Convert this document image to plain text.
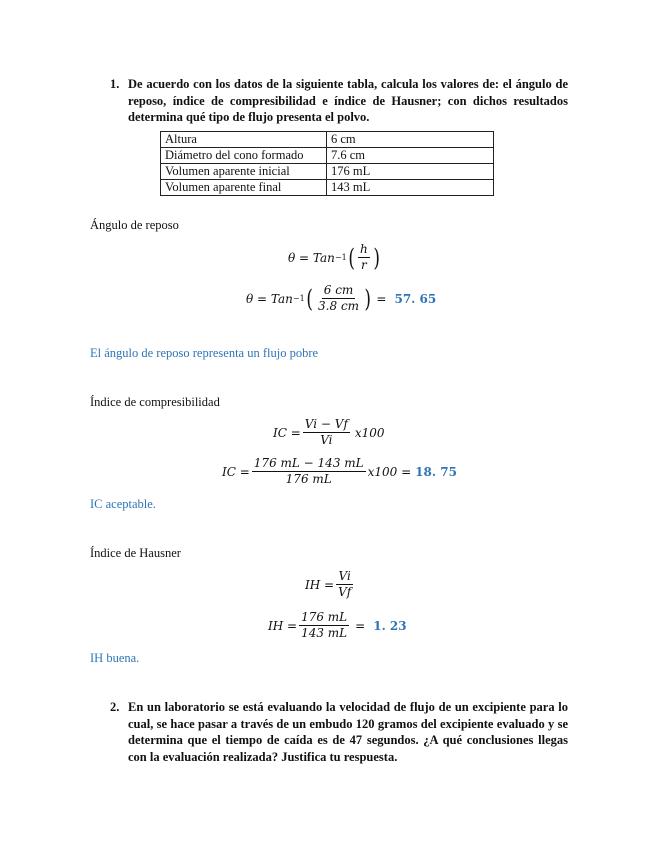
1. De acuerdo con los datos de la siguiente tabla, calcula los valores de: el ángulo de reposo, índice de compresibilidad e índice de Hausner; con dichos resultados determina qué tipo de flujo presenta el polvo.
Altura	6 cm
Diámetro del cono formado	7.6 cm
Volumen aparente inicial	176 mL
Volumen aparente final	143 mL
Ángulo de reposo
θ = Tan −1 ( $\frac{h}{r}$ )
θ = Tan −1 ( $\frac{6 cm}{3.8 cm}$ ) = 57. 65
El ángulo de reposo representa un flujo pobre
Índice de compresibilidad
IC = $\frac{Vi - Vf}{Vi} x100$
IC = $\frac{176 mL - 143 mL}{176 mL} x100 = 18$. 75
IC aceptable.
Índice de Hausner
IH = $\frac{Vi}{Vf}$
IH = $\frac{176 mL}{143 mL} = 1$. 23
IH buena.
2. En un laboratorio se está evaluando la velocidad de flujo de un excipiente para lo cual, se hace pasar a través de un embudo 120 gramos del excipiente evaluado y se determina que el tiempo de caída es de 47 segundos. ¿A qué conclusiones llegas con la evaluación realizada? Justifica tu respuesta.
